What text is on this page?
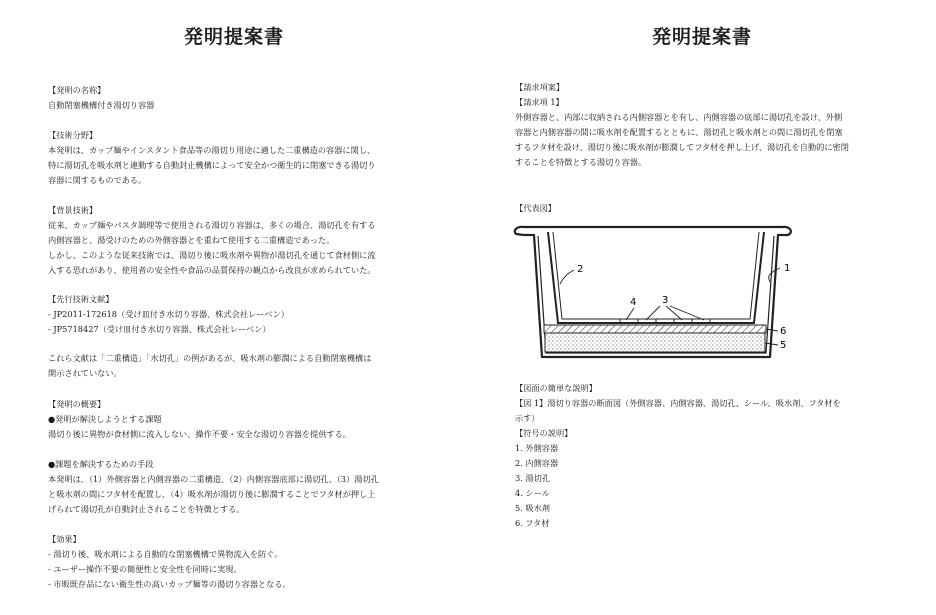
発明提案書
【発明の名称】
自動閉塞機構付き湯切り容器
【技術分野】
本発明は、カップ麺やインスタント食品等の湯切り用途に適した二重構造の容器に関し、
特に湯切孔を吸水剤と連動する自動封止機構によって安全かつ衛生的に閉塞できる湯切り
容器に関するものである。
【背景技術】
従来、カップ麺やパスタ調理等で使用される湯切り容器は、多くの場合、湯切孔を有する
内側容器と、湯受けのための外側容器とを重ねて使用する二重構造であった。
しかし、このような従来技術では、湯切り後に吸水剤や異物が湯切孔を通じて食材側に流
入する恐れがあり、使用者の安全性や食品の品質保持の観点から改良が求められていた。
【先行技術文献】
- JP2011-172618（受け皿付き水切り容器、株式会社レーベン）
- JP5718427（受け皿付き水切り容器、株式会社レーベン）
これら文献は「二重構造」「水切孔」の例があるが、吸水剤の膨潤による自動閉塞機構は
開示されていない。
【発明の概要】
●発明が解決しようとする課題
湯切り後に異物が食材側に流入しない、操作不要・安全な湯切り容器を提供する。
●課題を解決するための手段
本発明は、（1）外側容器と内側容器の二重構造、（2）内側容器底部に湯切孔、（3）湯切孔
と吸水剤の間にフタ材を配置し、（4）吸水剤が湯切り後に膨潤することでフタ材が押し上
げられて湯切孔が自動封止されることを特徴とする。
【効果】
- 湯切り後、吸水剤による自動的な閉塞機構で異物流入を防ぐ。
- ユーザー操作不要の簡便性と安全性を同時に実現。
- 市販既存品にない衛生性の高いカップ麺等の湯切り容器となる。
発明提案書
【請求項案】
【請求項 1】
外側容器と、内部に収納される内側容器とを有し、内側容器の底部に湯切孔を設け、外側
容器と内側容器の間に吸水剤を配置するとともに、湯切孔と吸水剤との間に湯切孔を閉塞
するフタ材を設け、湯切り後に吸水剤が膨潤してフタ材を押し上げ、湯切孔を自動的に密閉
することを特徴とする湯切り容器。
【代表図】
1
2
4	3
6
5
【図面の簡単な説明】
【図 1】湯切り容器の断面図（外側容器、内側容器、湯切孔、シール、吸水剤、フタ材を
示す）
【符号の説明】
1. 外側容器
2. 内側容器
3. 湯切孔
4. シール
5. 吸水剤
6. フタ材
